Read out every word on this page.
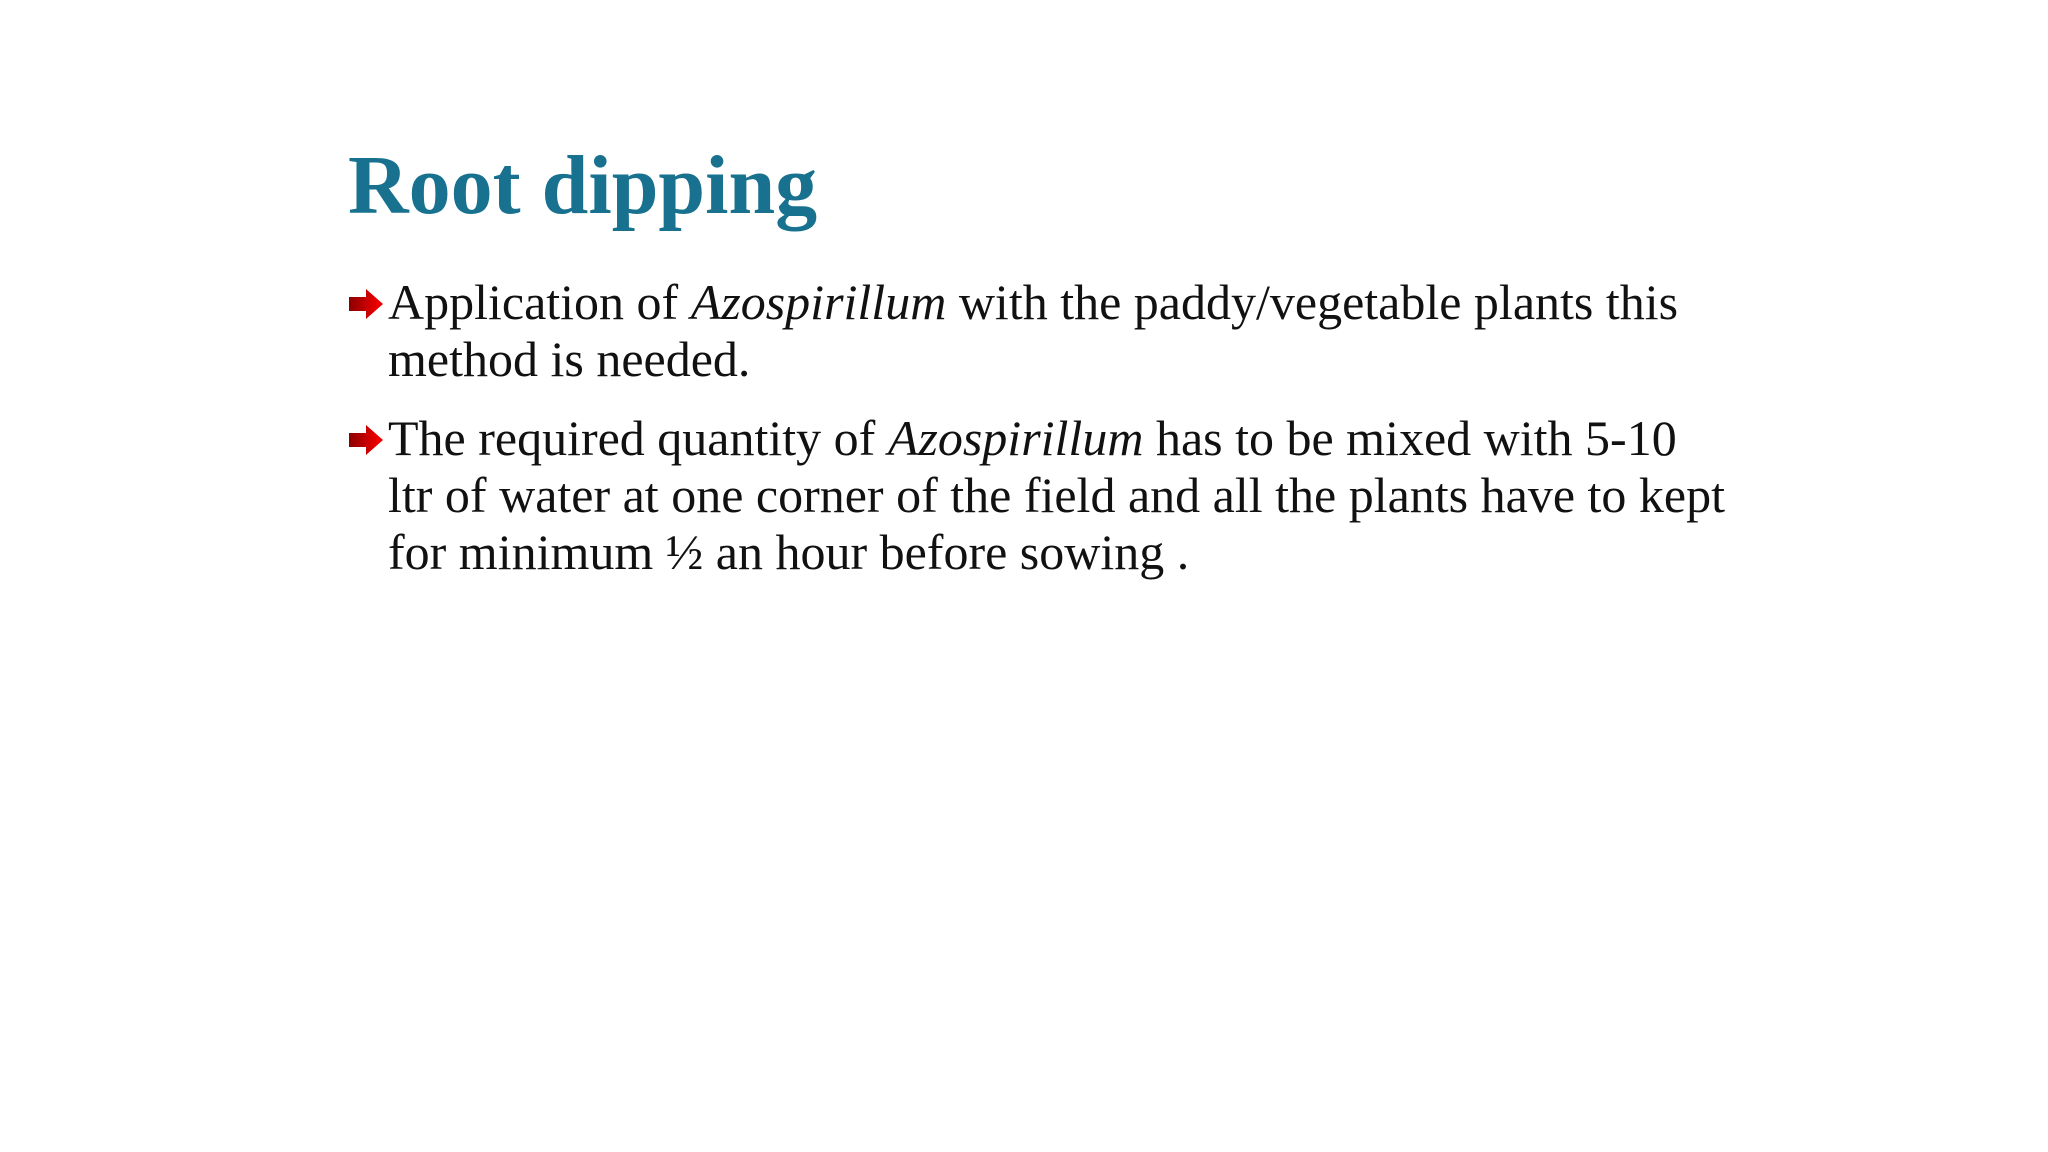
Root dipping
Application of Azospirillum with the paddy/vegetable plants this method is needed.
The required quantity of Azospirillum has to be mixed with 5-10 ltr of water at one corner of the field and all the plants have to kept for minimum ½ an hour before sowing .
